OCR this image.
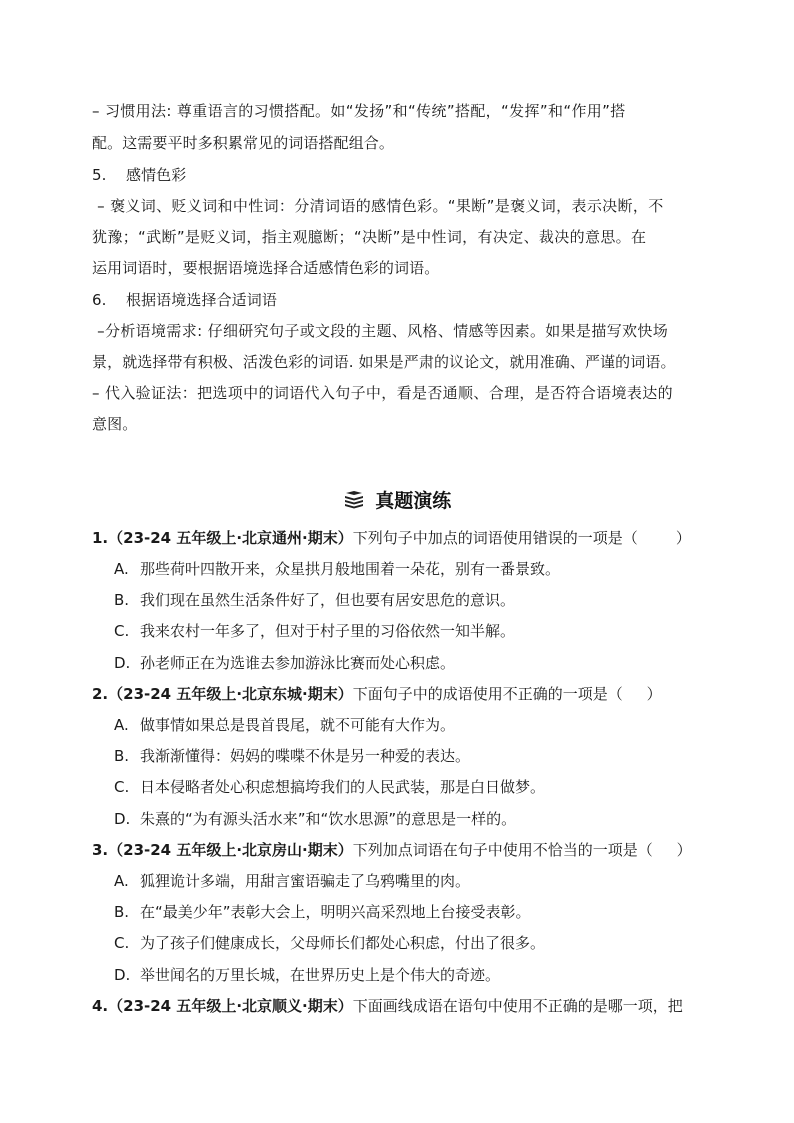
– 习惯用法: 尊重语言的习惯搭配。如“发扬”和“传统”搭配，“发挥”和“作用”搭
配。这需要平时多积累常见的词语搭配组合。
5.    感情色彩
– 褒义词、贬义词和中性词：分清词语的感情色彩。“果断”是褒义词，表示决断，不
犹豫；“武断”是贬义词，指主观臆断；“决断”是中性词，有决定、裁决的意思。在
运用词语时，要根据语境选择合适感情色彩的词语。
6.    根据语境选择合适词语
–分析语境需求: 仔细研究句子或文段的主题、风格、情感等因素。如果是描写欢快场
景，就选择带有积极、活泼色彩的词语. 如果是严肃的议论文，就用准确、严谨的词语。
– 代入验证法：把选项中的词语代入句子中，看是否通顺、合理，是否符合语境表达的
意图。
真题演练
1.（23-24 五年级上·北京通州·期末）下列句子中加点的词语使用错误的一项是（        ）
A. 那些荷叶四散开来，众星拱月般地围着一朵花，别有一番景致。
B. 我们现在虽然生活条件好了，但也要有居安思危的意识。
C. 我来农村一年多了，但对于村子里的习俗依然一知半解。
D. 孙老师正在为选谁去参加游泳比赛而处心积虑。
2.（23-24 五年级上·北京东城·期末）下面句子中的成语使用不正确的一项是（     ）
A. 做事情如果总是畏首畏尾，就不可能有大作为。
B. 我渐渐懂得：妈妈的喋喋不休是另一种爱的表达。
C. 日本侵略者处心积虑想搞垮我们的人民武装，那是白日做梦。
D. 朱熹的“为有源头活水来”和“饮水思源”的意思是一样的。
3.（23-24 五年级上·北京房山·期末）下列加点词语在句子中使用不恰当的一项是（     ）
A. 狐狸诡计多端，用甜言蜜语骗走了乌鸦嘴里的肉。
B. 在“最美少年”表彰大会上，明明兴高采烈地上台接受表彰。
C. 为了孩子们健康成长，父母师长们都处心积虑，付出了很多。
D. 举世闻名的万里长城，在世界历史上是个伟大的奇迹。
4.（23-24 五年级上·北京顺义·期末）下面画线成语在语句中使用不正确的是哪一项，把
